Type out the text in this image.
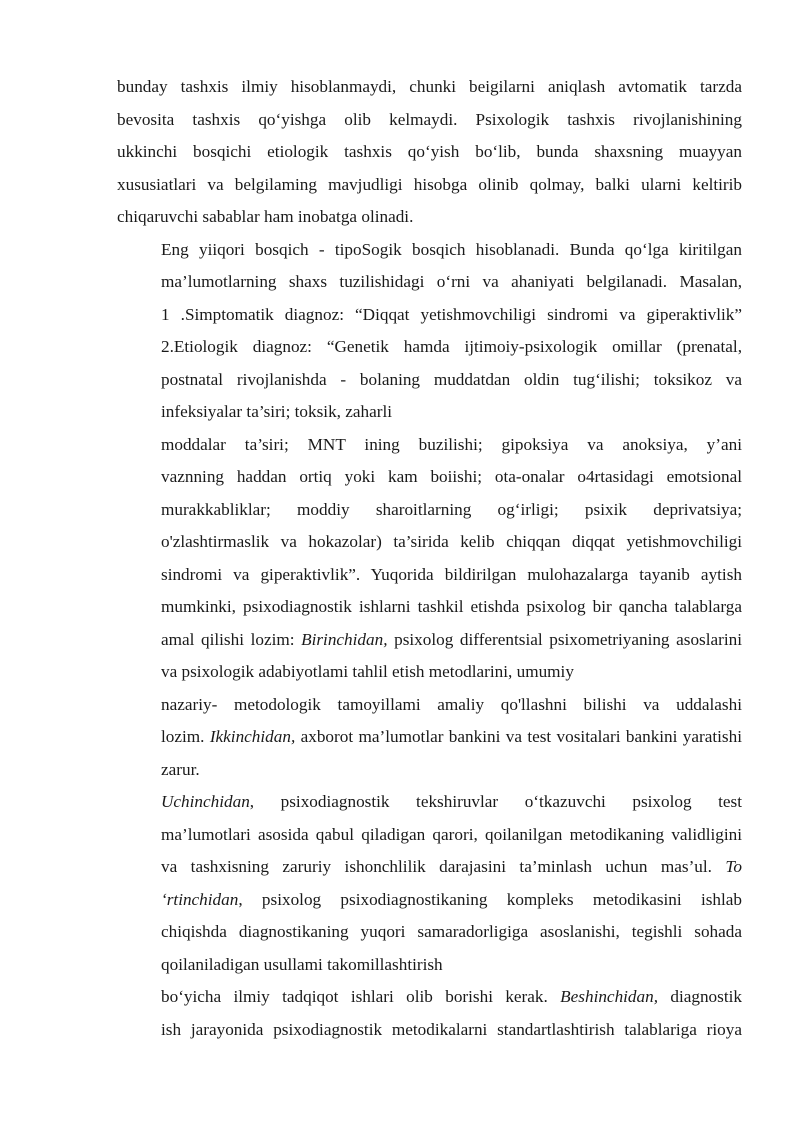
bunday tashxis ilmiy hisoblanmaydi, chunki beigilarni aniqlash avtomatik tarzda
bevosita tashxis qo‘yishga olib kelmaydi. Psixologik tashxis rivojlanishining
ukkinchi bosqichi etiologik tashxis qo‘yish bo‘lib, bunda shaxsning muayyan
xususiatlari va belgilaming mavjudligi hisobga olinib qolmay, balki ularni keltirib
chiqaruvchi sabablar ham inobatga olinadi.
Eng yiiqori bosqich - tipoSogik bosqich hisoblanadi. Bunda qo‘lga kiritilgan
ma’lumotlarning shaxs tuzilishidagi o‘rni va ahaniyati belgilanadi. Masalan,
1 .Simptomatik diagnoz: “Diqqat yetishmovchiligi sindromi va giperaktivlik”
2.Etiologik diagnoz: “Genetik hamda ijtimoiy-psixologik omillar (prenatal,
postnatal rivojlanishda - bolaning muddatdan oldin tug‘ilishi; toksikoz va
infeksiyalar ta’siri; toksik, zaharli
moddalar ta’siri; MNT ining buzilishi; gipoksiya va anoksiya, y’ani
vaznning haddan ortiq yoki kam boiishi; ota-onalar o4rtasidagi emotsional
murakkabliklar; moddiy sharoitlarning og‘irligi; psixik deprivatsiya;
o'zlashtirmaslik va hokazolar) ta’sirida kelib chiqqan diqqat yetishmovchiligi
sindromi va giperaktivlik”. Yuqorida bildirilgan mulohazalarga tayanib aytish
mumkinki, psixodiagnostik ishlarni tashkil etishda psixolog bir qancha talablarga
amal qilishi lozim: Birinchidan, psixolog differentsial psixometriyaning asoslarini
va psixologik adabiyotlami tahlil etish metodlarini, umumiy
nazariy- metodologik tamoyillami amaliy qo'llashni bilishi va uddalashi
lozim. Ikkinchidan, axborot ma’lumotlar bankini va test vositalari bankini yaratishi
zarur.
Uchinchidan, psixodiagnostik tekshiruvlar o‘tkazuvchi psixolog test
ma’lumotlari asosida qabul qiladigan qarori, qoilanilgan metodikaning validligini
va tashxisning zaruriy ishonchlilik darajasini ta’minlash uchun mas’ul. To
‘rtinchidan, psixolog psixodiagnostikaning kompleks metodikasini ishlab
chiqishda diagnostikaning yuqori samaradorligiga asoslanishi, tegishli sohada
qoilaniladigan usullami takomillashtirish
bo‘yicha ilmiy tadqiqot ishlari olib borishi kerak. Beshinchidan, diagnostik
ish jarayonida psixodiagnostik metodikalarni standartlashtirish talablariga rioya
